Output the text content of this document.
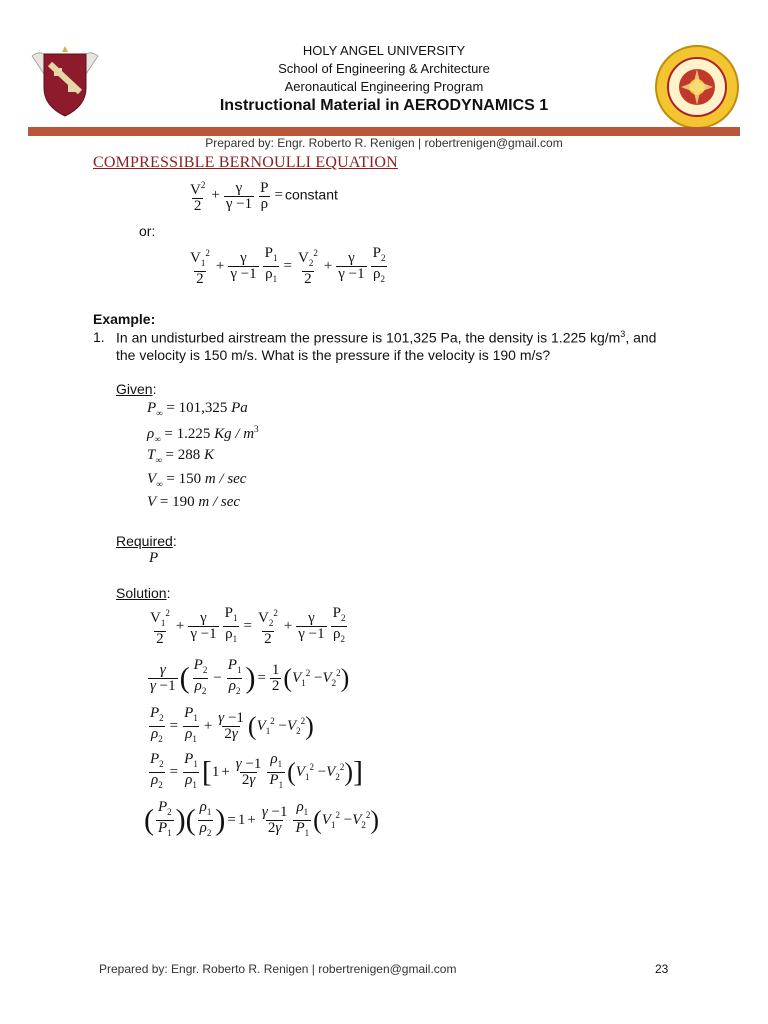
HOLY ANGEL UNIVERSITY
School of Engineering & Architecture
Aeronautical Engineering Program
Instructional Material in AERODYNAMICS 1
Prepared by: Engr. Roberto R. Renigen | robertrenigen@gmail.com
COMPRESSIBLE BERNOULLI EQUATION
$\frac{V^2}{2} + \frac{\gamma}{\gamma -1} \frac{P}{\rho}$ = constant
or:
$\frac{V_1^2}{2} + \frac{\gamma}{\gamma -1} \frac{P_1}{\rho_1} = \frac{V_2^2}{2} + \frac{\gamma}{\gamma -1} \frac{P_2}{\rho_2}$
Example:
1. In an undisturbed airstream the pressure is 101,325 Pa, the density is 1.225 $kg/m^3$, and
the velocity is 150 m/s. What is the pressure if the velocity is 190 m/s?
Given:
$P_\infty = 101,325$ Pa
$\rho_\infty = 1.225$ Kg / $m^3$
$T_\infty = 288$ K
$V_\infty = 150$ m / sec
V = 190 m / sec
Required:
P
Solution:
$\frac{V_1^2}{2} + \frac{\gamma}{\gamma -1} \frac{P_1}{\rho_1} = \frac{V_2^2}{2} + \frac{\gamma}{\gamma -1} \frac{P_2}{\rho_2}$
$\frac{\gamma}{\gamma -1}$ ( $\frac{P_2}{\rho_2} - \frac{P_1}{\rho_2}$ ) = $\frac{1}{2} (V_1^2 -V_2^2)$
$\frac{P_2}{\rho_2} = \frac{P_1}{\rho_1} + \frac{\gamma -1}{2\gamma} (V_1^2 -V_2^2)$
$\frac{P_2}{\rho_2} = \frac{P_1}{\rho_1} [1 + \frac{\gamma -1}{2\gamma} \frac{\rho_1}{P_1} (V_1^2 -V_2^2)]$
( $\frac{P_2}{P_1}$ )( $\frac{\rho_1}{\rho_2}$ ) = $1 + \frac{\gamma -1}{2\gamma} \frac{\rho_1}{P_1} (V_1^2 -V_2^2)$
Prepared by: Engr. Roberto R. Renigen | robertrenigen@gmail.com	23
